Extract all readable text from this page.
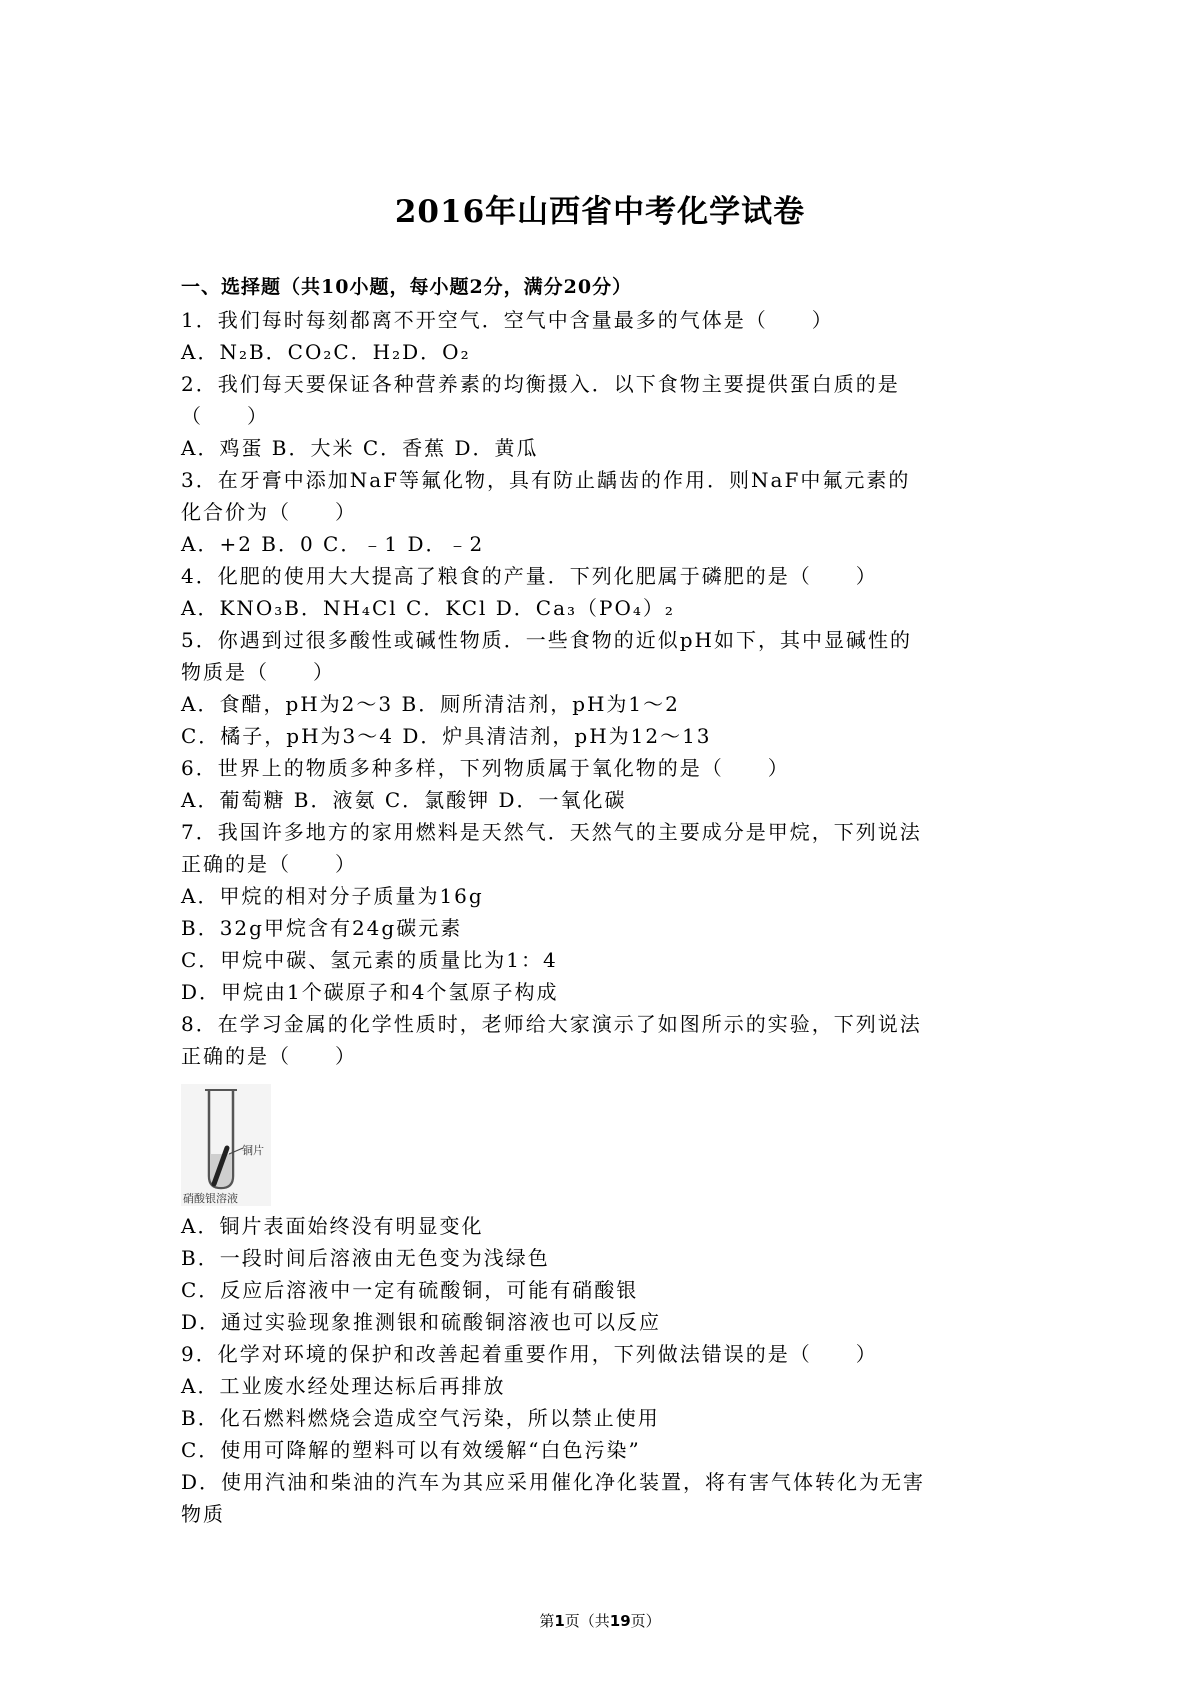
2016年山西省中考化学试卷
一、选择题（共10小题，每小题2分，满分20分）
1．我们每时每刻都离不开空气．空气中含量最多的气体是（　　）
A．N₂B．CO₂C．H₂D．O₂
2．我们每天要保证各种营养素的均衡摄入．以下食物主要提供蛋白质的是
（　　）
A．鸡蛋 B．大米 C．香蕉 D．黄瓜
3．在牙膏中添加NaF等氟化物，具有防止龋齿的作用．则NaF中氟元素的
化合价为（　　）
A．+2 B．0 C．﹣1 D．﹣2
4．化肥的使用大大提高了粮食的产量．下列化肥属于磷肥的是（　　）
A．KNO₃B．NH₄Cl C．KCl D．Ca₃（PO₄）₂
5．你遇到过很多酸性或碱性物质．一些食物的近似pH如下，其中显碱性的
物质是（　　）
A．食醋，pH为2～3 B．厕所清洁剂，pH为1～2
C．橘子，pH为3～4 D．炉具清洁剂，pH为12～13
6．世界上的物质多种多样，下列物质属于氧化物的是（　　）
A．葡萄糖 B．液氨 C．氯酸钾 D．一氧化碳
7．我国许多地方的家用燃料是天然气．天然气的主要成分是甲烷，下列说法
正确的是（　　）
A．甲烷的相对分子质量为16g
B．32g甲烷含有24g碳元素
C．甲烷中碳、氢元素的质量比为1：4
D．甲烷由1个碳原子和4个氢原子构成
8．在学习金属的化学性质时，老师给大家演示了如图所示的实验，下列说法
正确的是（　　）
铜片
硝酸银溶液
A．铜片表面始终没有明显变化
B．一段时间后溶液由无色变为浅绿色
C．反应后溶液中一定有硫酸铜，可能有硝酸银
D．通过实验现象推测银和硫酸铜溶液也可以反应
9．化学对环境的保护和改善起着重要作用，下列做法错误的是（　　）
A．工业废水经处理达标后再排放
B．化石燃料燃烧会造成空气污染，所以禁止使用
C．使用可降解的塑料可以有效缓解“白色污染”
D．使用汽油和柴油的汽车为其应采用催化净化装置，将有害气体转化为无害
物质
第1页（共19页）
